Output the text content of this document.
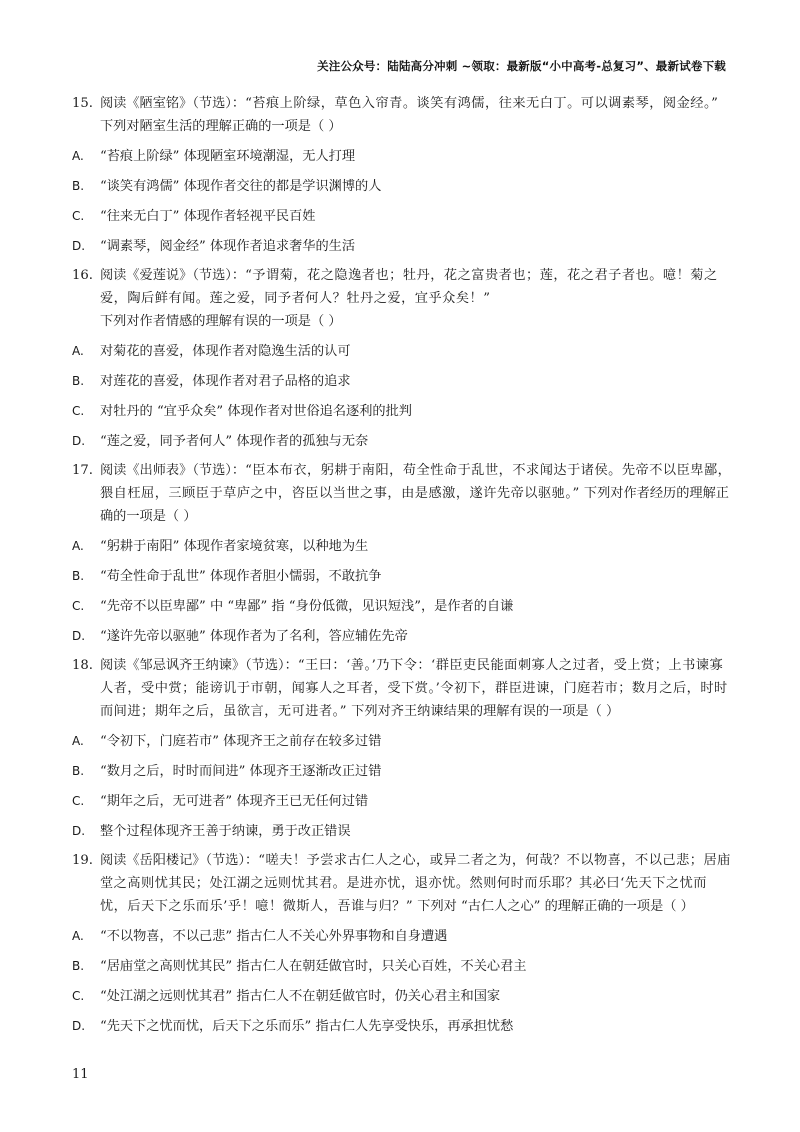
关注公众号：陆陆高分冲刺 ~领取：最新版“小中高考-总复习”、最新试卷下载
15. 阅读《陋室铭》（节选）：“苔痕上阶绿，草色入帘青。谈笑有鸿儒，往来无白丁。可以调素琴，阅金经。” 下列对陋室生活的理解正确的一项是（ ）
A. “苔痕上阶绿” 体现陋室环境潮湿，无人打理
B. “谈笑有鸿儒” 体现作者交往的都是学识渊博的人
C. “往来无白丁” 体现作者轻视平民百姓
D. “调素琴，阅金经” 体现作者追求奢华的生活
16. 阅读《爱莲说》（节选）：“予谓菊，花之隐逸者也；牡丹，花之富贵者也；莲，花之君子者也。噫！菊之爱，陶后鲜有闻。莲之爱，同予者何人？牡丹之爱，宜乎众矣！” 下列对作者情感的理解有误的一项是（ ）
A. 对菊花的喜爱，体现作者对隐逸生活的认可
B. 对莲花的喜爱，体现作者对君子品格的追求
C. 对牡丹的 “宜乎众矣” 体现作者对世俗追名逐利的批判
D. “莲之爱，同予者何人” 体现作者的孤独与无奈
17. 阅读《出师表》（节选）：“臣本布衣，躬耕于南阳，苟全性命于乱世，不求闻达于诸侯。先帝不以臣卑鄙，猥自枉屈，三顾臣于草庐之中，咨臣以当世之事，由是感激，遂许先帝以驱驰。” 下列对作者经历的理解正确的一项是（ ）
A. “躬耕于南阳” 体现作者家境贫寒，以种地为生
B. “苟全性命于乱世” 体现作者胆小懦弱，不敢抗争
C. “先帝不以臣卑鄙” 中 “卑鄙” 指 “身份低微，见识短浅”，是作者的自谦
D. “遂许先帝以驱驰” 体现作者为了名利，答应辅佐先帝
18. 阅读《邹忌讽齐王纳谏》（节选）：“王曰：‘善。’乃下令：‘群臣吏民能面刺寡人之过者，受上赏；上书谏寡人者，受中赏；能谤讥于市朝，闻寡人之耳者，受下赏。’令初下，群臣进谏，门庭若市；数月之后，时时而间进；期年之后，虽欲言，无可进者。” 下列对齐王纳谏结果的理解有误的一项是（ ）
A. “令初下，门庭若市” 体现齐王之前存在较多过错
B. “数月之后，时时而间进” 体现齐王逐渐改正过错
C. “期年之后，无可进者” 体现齐王已无任何过错
D. 整个过程体现齐王善于纳谏，勇于改正错误
19. 阅读《岳阳楼记》（节选）：“嗟夫！予尝求古仁人之心，或异二者之为，何哉？不以物喜，不以己悲；居庙堂之高则忧其民；处江湖之远则忧其君。是进亦忧，退亦忧。然则何时而乐耶？其必曰‘先天下之忧而忧，后天下之乐而乐’乎！噫！微斯人，吾谁与归？” 下列对 “古仁人之心” 的理解正确的一项是（ ）
A. “不以物喜，不以己悲” 指古仁人不关心外界事物和自身遭遇
B. “居庙堂之高则忧其民” 指古仁人在朝廷做官时，只关心百姓，不关心君主
C. “处江湖之远则忧其君” 指古仁人不在朝廷做官时，仍关心君主和国家
D. “先天下之忧而忧，后天下之乐而乐” 指古仁人先享受快乐，再承担忧愁
11
